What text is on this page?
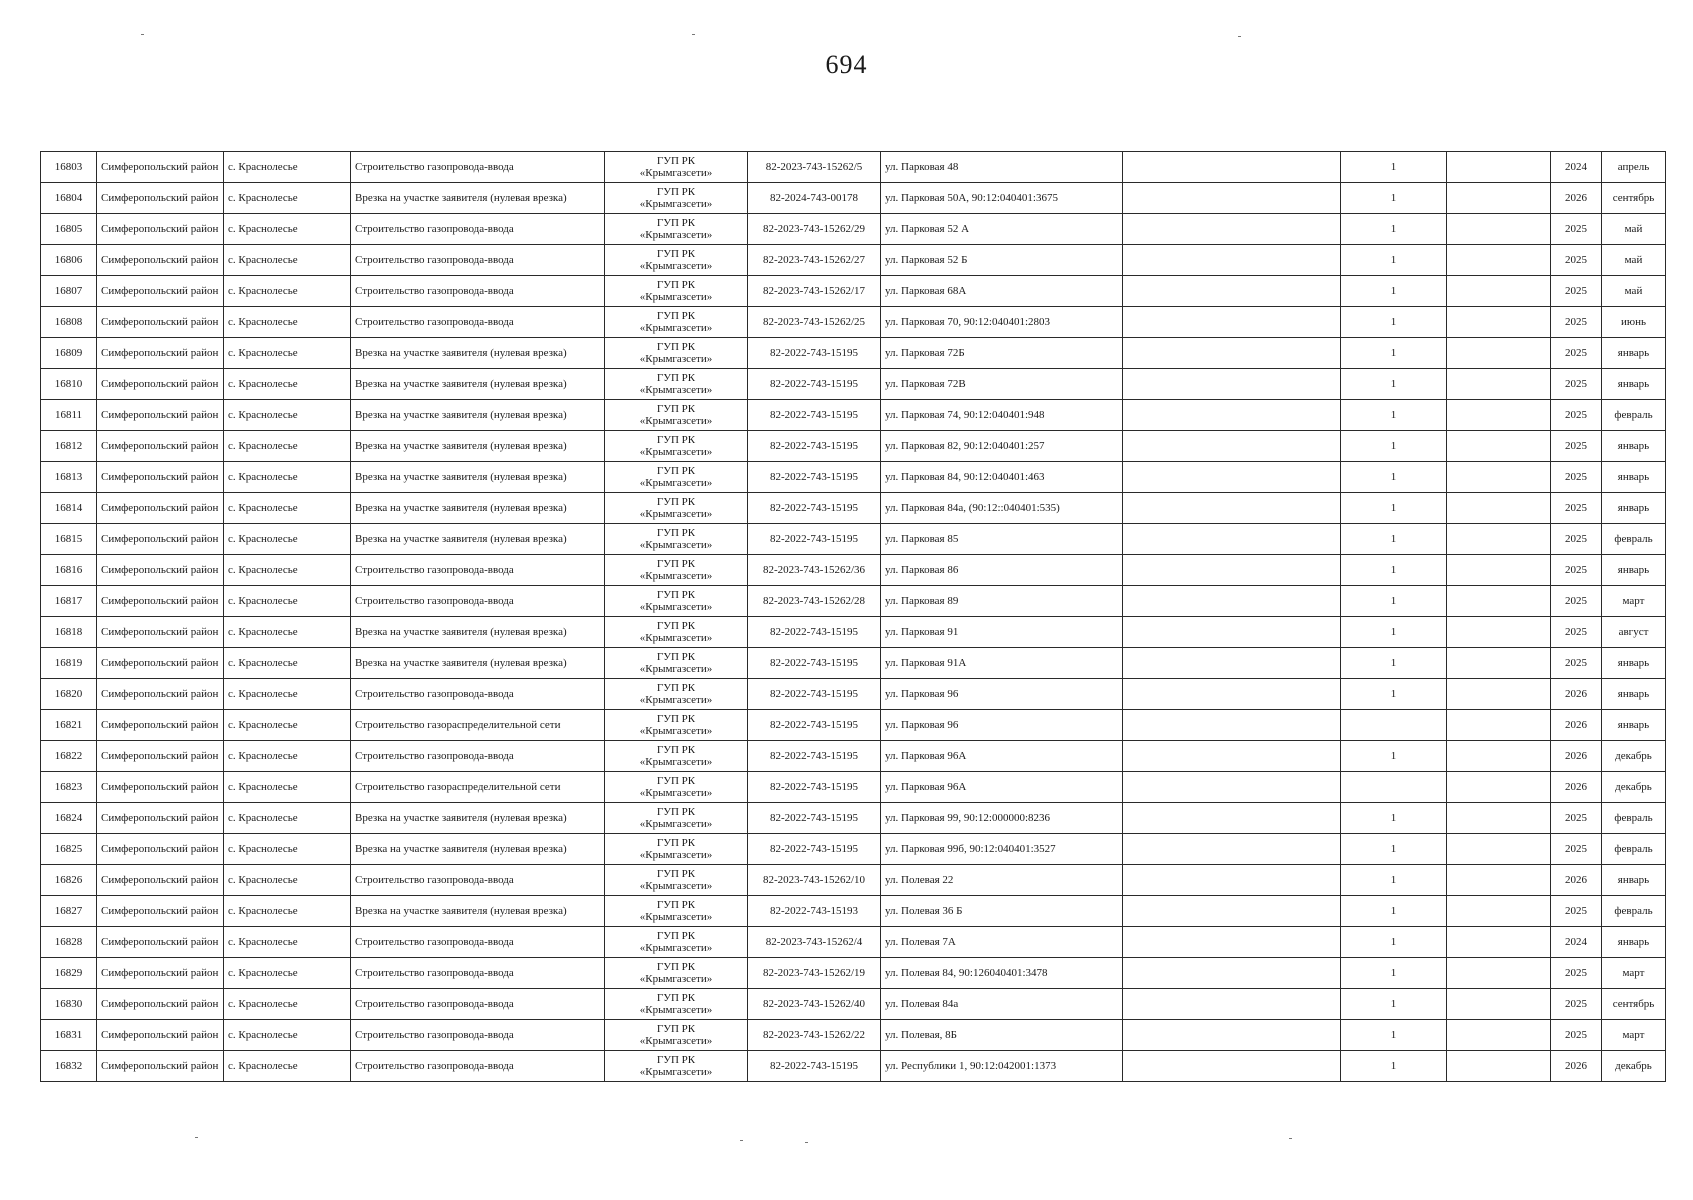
694
16803	Симферопольский район	с. Краснолесье	Строительство газопровода-ввода	ГУП РК
«Крымгазсети»	82-2023-743-15262/5	ул. Парковая 48		1		2024	апрель
16804	Симферопольский район	с. Краснолесье	Врезка на участке заявителя (нулевая врезка)	ГУП РК
«Крымгазсети»	82-2024-743-00178	ул. Парковая 50А, 90:12:040401:3675		1		2026	сентябрь
16805	Симферопольский район	с. Краснолесье	Строительство газопровода-ввода	ГУП РК
«Крымгазсети»	82-2023-743-15262/29	ул. Парковая 52 А		1		2025	май
16806	Симферопольский район	с. Краснолесье	Строительство газопровода-ввода	ГУП РК
«Крымгазсети»	82-2023-743-15262/27	ул. Парковая 52 Б		1		2025	май
16807	Симферопольский район	с. Краснолесье	Строительство газопровода-ввода	ГУП РК
«Крымгазсети»	82-2023-743-15262/17	ул. Парковая 68А		1		2025	май
16808	Симферопольский район	с. Краснолесье	Строительство газопровода-ввода	ГУП РК
«Крымгазсети»	82-2023-743-15262/25	ул. Парковая 70, 90:12:040401:2803		1		2025	июнь
16809	Симферопольский район	с. Краснолесье	Врезка на участке заявителя (нулевая врезка)	ГУП РК
«Крымгазсети»	82-2022-743-15195	ул. Парковая 72Б		1		2025	январь
16810	Симферопольский район	с. Краснолесье	Врезка на участке заявителя (нулевая врезка)	ГУП РК
«Крымгазсети»	82-2022-743-15195	ул. Парковая 72В		1		2025	январь
16811	Симферопольский район	с. Краснолесье	Врезка на участке заявителя (нулевая врезка)	ГУП РК
«Крымгазсети»	82-2022-743-15195	ул. Парковая 74, 90:12:040401:948		1		2025	февраль
16812	Симферопольский район	с. Краснолесье	Врезка на участке заявителя (нулевая врезка)	ГУП РК
«Крымгазсети»	82-2022-743-15195	ул. Парковая 82, 90:12:040401:257		1		2025	январь
16813	Симферопольский район	с. Краснолесье	Врезка на участке заявителя (нулевая врезка)	ГУП РК
«Крымгазсети»	82-2022-743-15195	ул. Парковая 84, 90:12:040401:463		1		2025	январь
16814	Симферопольский район	с. Краснолесье	Врезка на участке заявителя (нулевая врезка)	ГУП РК
«Крымгазсети»	82-2022-743-15195	ул. Парковая 84а, (90:12::040401:535)		1		2025	январь
16815	Симферопольский район	с. Краснолесье	Врезка на участке заявителя (нулевая врезка)	ГУП РК
«Крымгазсети»	82-2022-743-15195	ул. Парковая 85		1		2025	февраль
16816	Симферопольский район	с. Краснолесье	Строительство газопровода-ввода	ГУП РК
«Крымгазсети»	82-2023-743-15262/36	ул. Парковая 86		1		2025	январь
16817	Симферопольский район	с. Краснолесье	Строительство газопровода-ввода	ГУП РК
«Крымгазсети»	82-2023-743-15262/28	ул. Парковая 89		1		2025	март
16818	Симферопольский район	с. Краснолесье	Врезка на участке заявителя (нулевая врезка)	ГУП РК
«Крымгазсети»	82-2022-743-15195	ул. Парковая 91		1		2025	август
16819	Симферопольский район	с. Краснолесье	Врезка на участке заявителя (нулевая врезка)	ГУП РК
«Крымгазсети»	82-2022-743-15195	ул. Парковая 91А		1		2025	январь
16820	Симферопольский район	с. Краснолесье	Строительство газопровода-ввода	ГУП РК
«Крымгазсети»	82-2022-743-15195	ул. Парковая 96		1		2026	январь
16821	Симферопольский район	с. Краснолесье	Строительство газораспределительной сети	ГУП РК
«Крымгазсети»	82-2022-743-15195	ул. Парковая 96				2026	январь
16822	Симферопольский район	с. Краснолесье	Строительство газопровода-ввода	ГУП РК
«Крымгазсети»	82-2022-743-15195	ул. Парковая 96А		1		2026	декабрь
16823	Симферопольский район	с. Краснолесье	Строительство газораспределительной сети	ГУП РК
«Крымгазсети»	82-2022-743-15195	ул. Парковая 96А				2026	декабрь
16824	Симферопольский район	с. Краснолесье	Врезка на участке заявителя (нулевая врезка)	ГУП РК
«Крымгазсети»	82-2022-743-15195	ул. Парковая 99, 90:12:000000:8236		1		2025	февраль
16825	Симферопольский район	с. Краснолесье	Врезка на участке заявителя (нулевая врезка)	ГУП РК
«Крымгазсети»	82-2022-743-15195	ул. Парковая 99б, 90:12:040401:3527		1		2025	февраль
16826	Симферопольский район	с. Краснолесье	Строительство газопровода-ввода	ГУП РК
«Крымгазсети»	82-2023-743-15262/10	ул. Полевая 22		1		2026	январь
16827	Симферопольский район	с. Краснолесье	Врезка на участке заявителя (нулевая врезка)	ГУП РК
«Крымгазсети»	82-2022-743-15193	ул. Полевая 36 Б		1		2025	февраль
16828	Симферопольский район	с. Краснолесье	Строительство газопровода-ввода	ГУП РК
«Крымгазсети»	82-2023-743-15262/4	ул. Полевая 7А		1		2024	январь
16829	Симферопольский район	с. Краснолесье	Строительство газопровода-ввода	ГУП РК
«Крымгазсети»	82-2023-743-15262/19	ул. Полевая 84, 90:126040401:3478		1		2025	март
16830	Симферопольский район	с. Краснолесье	Строительство газопровода-ввода	ГУП РК
«Крымгазсети»	82-2023-743-15262/40	ул. Полевая 84а		1		2025	сентябрь
16831	Симферопольский район	с. Краснолесье	Строительство газопровода-ввода	ГУП РК
«Крымгазсети»	82-2023-743-15262/22	ул. Полевая, 8Б		1		2025	март
16832	Симферопольский район	с. Краснолесье	Строительство газопровода-ввода	ГУП РК
«Крымгазсети»	82-2022-743-15195	ул. Республики 1, 90:12:042001:1373		1		2026	декабрь
